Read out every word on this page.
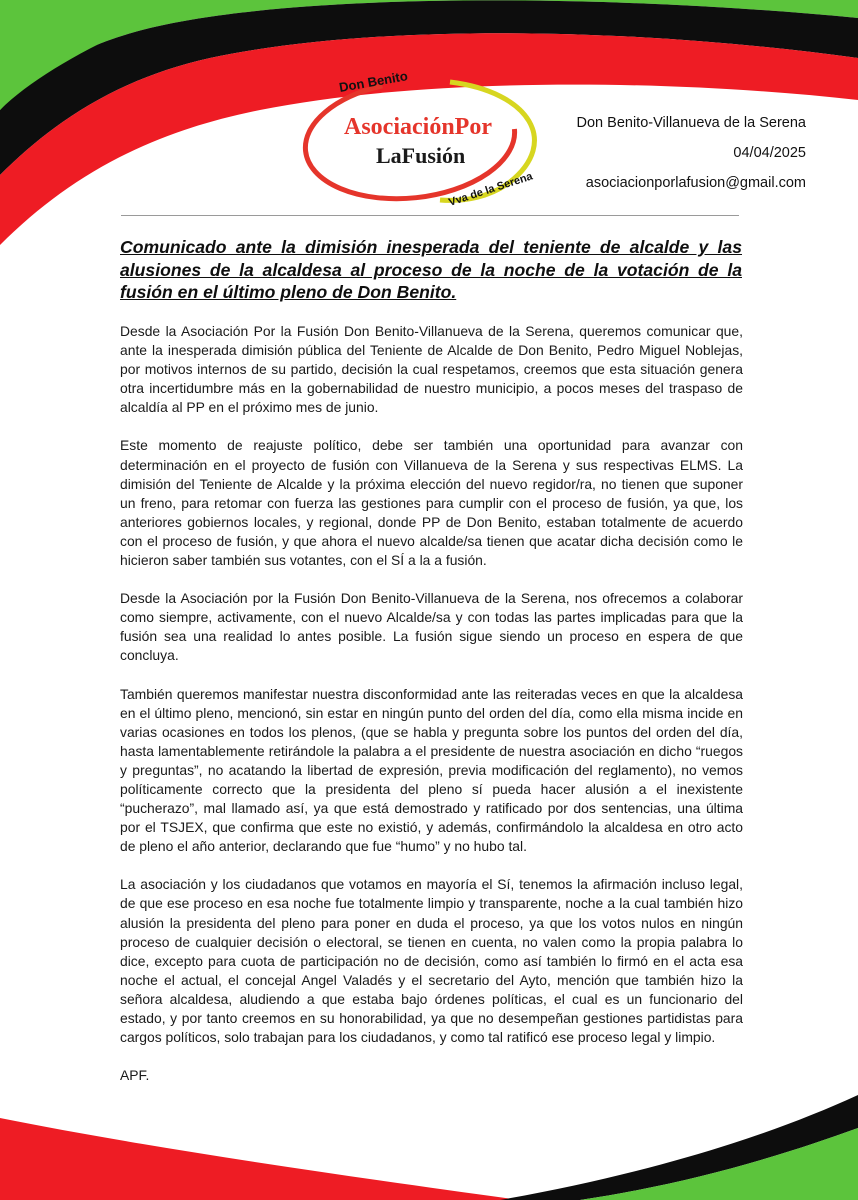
Don Benito
AsociaciónPor
LaFusión
Vva de la Serena
Don Benito-Villanueva de la Serena
04/04/2025
asociacionporlafusion@gmail.com
Comunicado ante la dimisión inesperada del teniente de alcalde y las alusiones de la alcaldesa al proceso de la noche de la votación de la fusión en el último pleno de Don Benito.

Desde la Asociación Por la Fusión Don Benito-Villanueva de la Serena, queremos comunicar que, ante la inesperada dimisión pública del Teniente de Alcalde de Don Benito, Pedro Miguel Noblejas, por motivos internos de su partido, decisión la cual respetamos, creemos que esta situación genera otra incertidumbre más en la gobernabilidad de nuestro municipio, a pocos meses del traspaso de alcaldía al PP en el próximo mes de junio.

Este momento de reajuste político, debe ser también una oportunidad para avanzar con determinación en el proyecto de fusión con Villanueva de la Serena y sus respectivas ELMS. La dimisión del Teniente de Alcalde y la próxima elección del nuevo regidor/ra, no tienen que suponer un freno, para retomar con fuerza las gestiones para cumplir con el proceso de fusión, ya que, los anteriores gobiernos locales, y regional, donde PP de Don Benito, estaban totalmente de acuerdo con el proceso de fusión, y que ahora el nuevo alcalde/sa tienen que acatar dicha decisión como le hicieron saber también sus votantes, con el SÍ a la a fusión.

Desde la Asociación por la Fusión Don Benito-Villanueva de la Serena, nos ofrecemos a colaborar como siempre, activamente, con el nuevo Alcalde/sa y con todas las partes implicadas para que la fusión sea una realidad lo antes posible. La fusión sigue siendo un proceso en espera de que concluya.

También queremos manifestar nuestra disconformidad ante las reiteradas veces en que la alcaldesa en el último pleno, mencionó, sin estar en ningún punto del orden del día, como ella misma incide en varias ocasiones en todos los plenos, (que se habla y pregunta sobre los puntos del orden del día, hasta lamentablemente retirándole la palabra a el presidente de nuestra asociación en dicho “ruegos y preguntas”, no acatando la libertad de expresión, previa modificación del reglamento), no vemos políticamente correcto que la presidenta del pleno sí pueda hacer alusión a el inexistente “pucherazo”, mal llamado así, ya que está demostrado y ratificado por dos sentencias, una última por el TSJEX, que confirma que este no existió, y además, confirmándolo la alcaldesa en otro acto de pleno el año anterior, declarando que fue “humo” y no hubo tal.

La asociación y los ciudadanos que votamos en mayoría el Sí, tenemos la afirmación incluso legal, de que ese proceso en esa noche fue totalmente limpio y transparente, noche a la cual también hizo alusión la presidenta del pleno para poner en duda el proceso, ya que los votos nulos en ningún proceso de cualquier decisión o electoral, se tienen en cuenta, no valen como la propia palabra lo dice, excepto para cuota de participación no de decisión, como así también lo firmó en el acta esa noche el actual, el concejal Angel Valadés y el secretario del Ayto, mención que también hizo la señora alcaldesa, aludiendo a que estaba bajo órdenes políticas, el cual es un funcionario del estado, y por tanto creemos en su honorabilidad, ya que no desempeñan gestiones partidistas para cargos políticos, solo trabajan para los ciudadanos, y como tal ratificó ese proceso legal y limpio.

APF.
